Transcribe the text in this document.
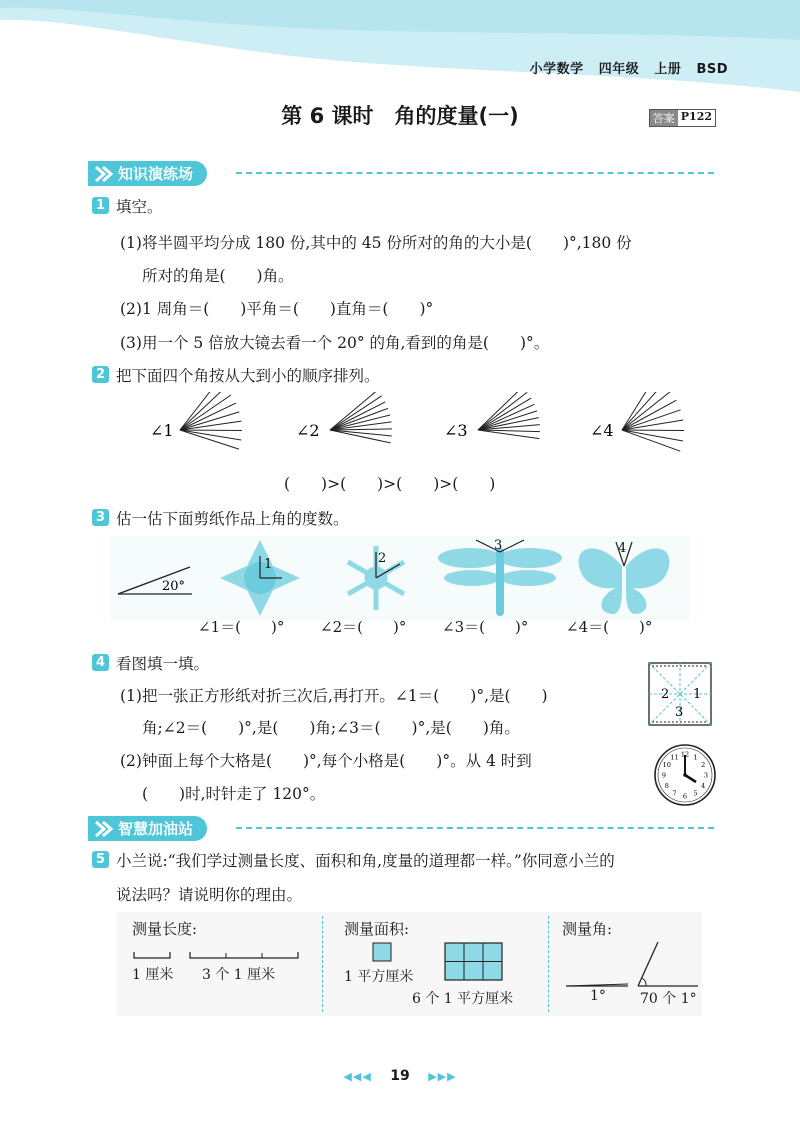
小学数学 四年级 上册 BSD
第 6 课时　角的度量(一)	答案 P122
知识演练场
1 填空。
(1)将半圆平均分成 180 份,其中的 45 份所对的角的大小是(　　)°,180 份
所对的角是(　　)角。
(2)1 周角＝(　　)平角＝(　　)直角＝(　　)°
(3)用一个 5 倍放大镜去看一个 20° 的角,看到的角是(　　)°。
2 把下面四个角按从大到小的顺序排列。
∠1	∠2	∠3	∠4
(　　)>(　　)>(　　)>(　　)
3 估一估下面剪纸作品上角的度数。
20°
1	2
3	4
∠1＝(　　)° ∠2＝(　　)° ∠3＝(　　)°	∠4＝(　　)°
4 看图填一填。
(1)把一张正方形纸对折三次后,再打开。∠1＝(　　)°,是(　　)
角;∠2＝(　　)°,是(　　)角;∠3＝(　　)°,是(　　)角。
(2)钟面上每个大格是(　　)°,每个小格是(　　)°。从 4 时到
(　　)时,时针走了 120°。
2 1
3
12 1
2
3
4
5
6
7
8
9
10
11
智慧加油站
5 小兰说:“我们学过测量长度、面积和角,度量的道理都一样。”你同意小兰的
说法吗？请说明你的理由。
测量长度:
1 厘米 3 个 1 厘米
测量面积:
1 平方厘米
6 个 1 平方厘米
测量角:
1° 70 个 1°
◀◀◀ 19 ▶▶▶
